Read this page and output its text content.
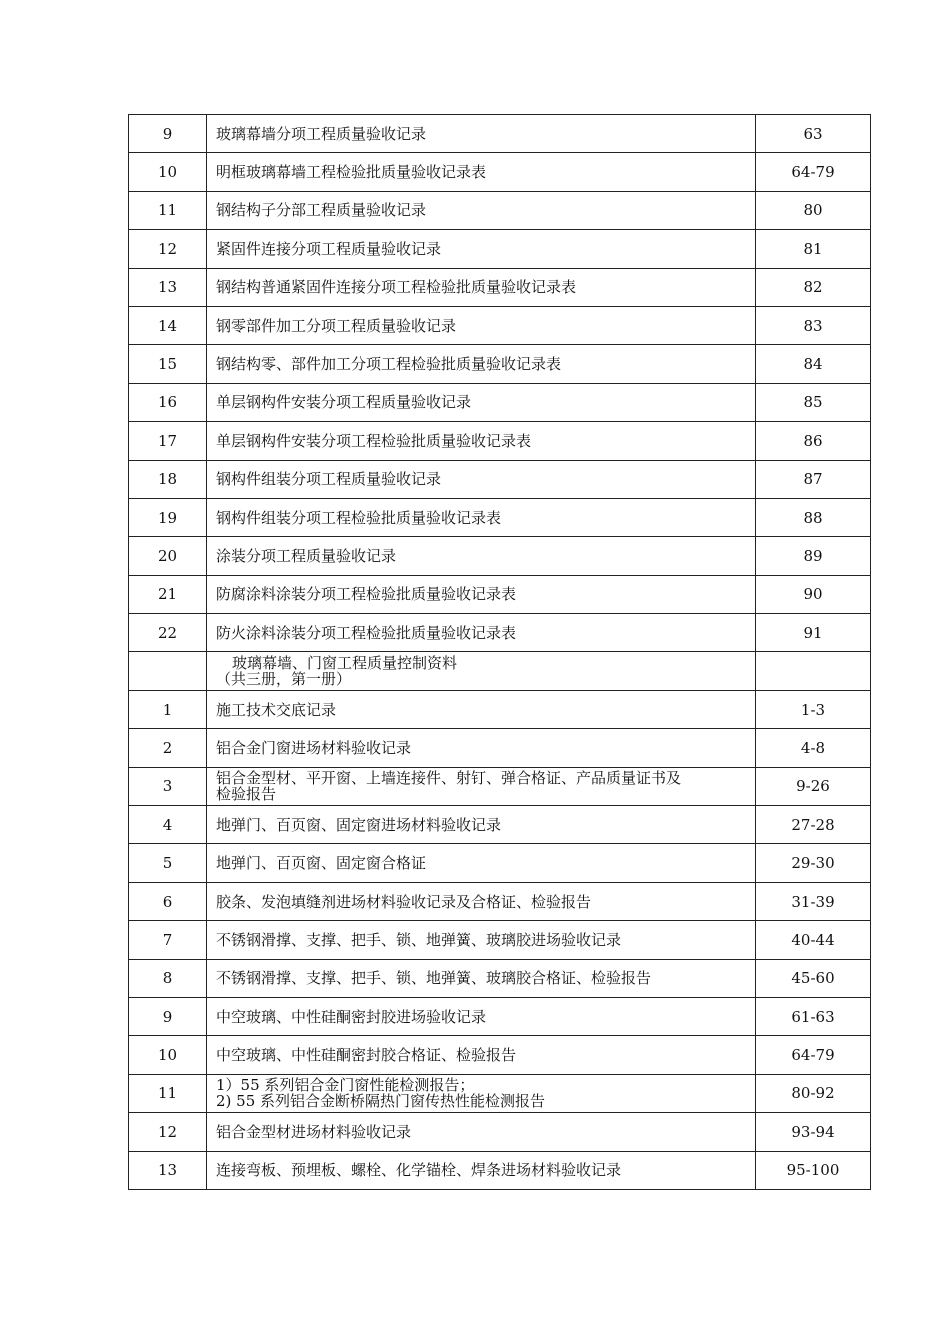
9	玻璃幕墙分项工程质量验收记录	63
10	明框玻璃幕墙工程检验批质量验收记录表	64-79
11	钢结构子分部工程质量验收记录	80
12	紧固件连接分项工程质量验收记录	81
13	钢结构普通紧固件连接分项工程检验批质量验收记录表	82
14	钢零部件加工分项工程质量验收记录	83
15	钢结构零、部件加工分项工程检验批质量验收记录表	84
16	单层钢构件安装分项工程质量验收记录	85
17	单层钢构件安装分项工程检验批质量验收记录表	86
18	钢构件组装分项工程质量验收记录	87
19	钢构件组装分项工程检验批质量验收记录表	88
20	涂装分项工程质量验收记录	89
21	防腐涂料涂装分项工程检验批质量验收记录表	90
22	防火涂料涂装分项工程检验批质量验收记录表	91

	玻璃幕墙、门窗工程质量控制资料
（共三册，第一册）	

1	施工技术交底记录	1-3
2	铝合金门窗进场材料验收记录	4-8
3	铝合金型材、平开窗、上墙连接件、射钉、弹合格证、产品质量证书及
检验报告	9-26
4	地弹门、百页窗、固定窗进场材料验收记录	27-28
5	地弹门、百页窗、固定窗合格证	29-30
6	胶条、发泡填缝剂进场材料验收记录及合格证、检验报告	31-39
7	不锈钢滑撑、支撑、把手、锁、地弹簧、玻璃胶进场验收记录	40-44
8	不锈钢滑撑、支撑、把手、锁、地弹簧、玻璃胶合格证、检验报告	45-60
9	中空玻璃、中性硅酮密封胶进场验收记录	61-63
10	中空玻璃、中性硅酮密封胶合格证、检验报告	64-79
11	1）55 系列铝合金门窗性能检测报告；
2) 55 系列铝合金断桥隔热门窗传热性能检测报告	80-92
12	铝合金型材进场材料验收记录	93-94
13	连接弯板、预埋板、螺栓、化学锚栓、焊条进场材料验收记录	95-100
